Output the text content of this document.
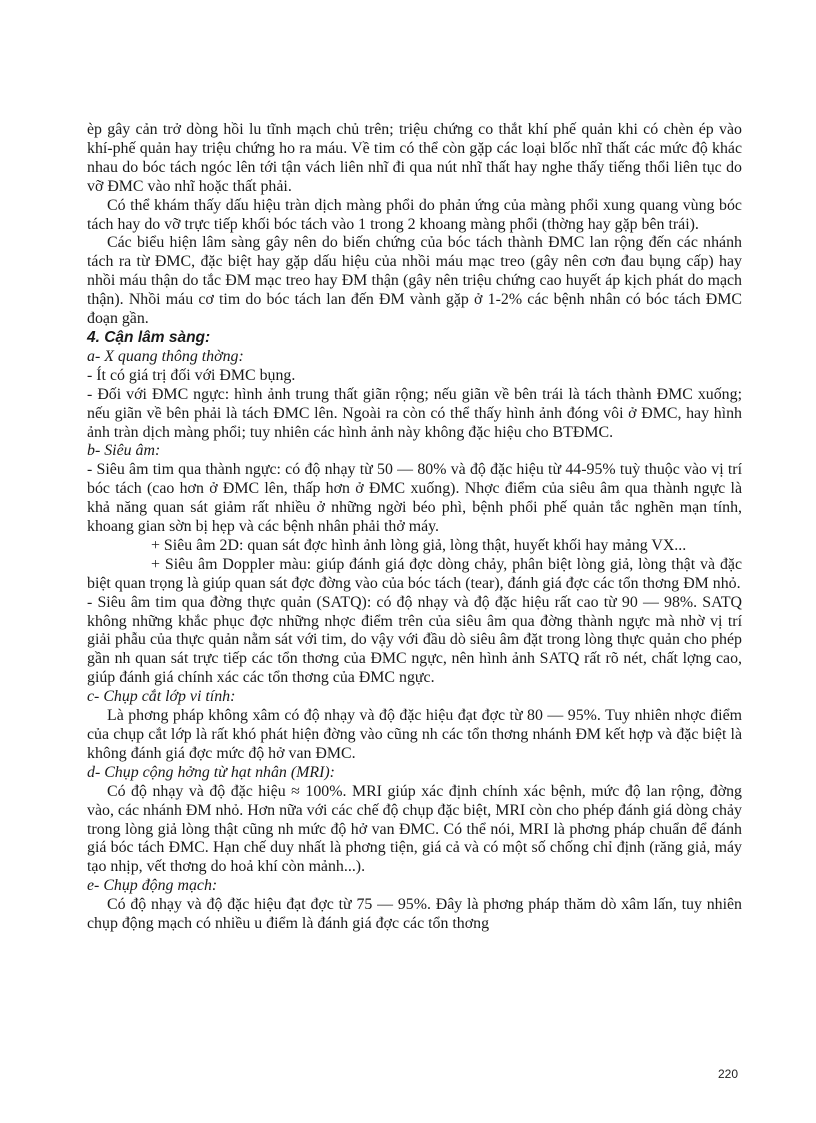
èp gây cản trở dòng hồi lu tĩnh mạch chủ trên; triệu chứng co thắt khí phế quản khi có chèn ép vào khí-phế quản hay triệu chứng ho ra máu. Về tim có thể còn gặp các loại blốc nhĩ thất các mức độ khác nhau do bóc tách ngóc lên tới tận vách liên nhĩ đi qua nút nhĩ thất hay nghe thấy tiếng thổi liên tục do vỡ ĐMC vào nhĩ hoặc thất phải.

Có thể khám thấy dấu hiệu tràn dịch màng phổi do phản ứng của màng phổi xung quang vùng bóc tách hay do vỡ trực tiếp khối bóc tách vào 1 trong 2 khoang màng phổi (thờng hay gặp bên trái).

Các biểu hiện lâm sàng gây nên do biến chứng của bóc tách thành ĐMC lan rộng đến các nhánh tách ra từ ĐMC, đặc biệt hay gặp dấu hiệu của nhồi máu mạc treo (gây nên cơn đau bụng cấp) hay nhồi máu thận do tắc ĐM mạc treo hay ĐM thận (gây nên triệu chứng cao huyết áp kịch phát do mạch thận). Nhồi máu cơ tim do bóc tách lan đến ĐM vành gặp ở 1-2% các bệnh nhân có bóc tách ĐMC đoạn gần.

4. Cận lâm sàng:

a- X quang thông thờng:

- Ít có giá trị đối với ĐMC bụng.

- Đối với ĐMC ngực: hình ảnh trung thất giãn rộng; nếu giãn về bên trái là tách thành ĐMC xuống; nếu giãn về bên phải là tách ĐMC lên. Ngoài ra còn có thể thấy hình ảnh đóng vôi ở ĐMC, hay hình ảnh tràn dịch màng phổi; tuy nhiên các hình ảnh này không đặc hiệu cho BTĐMC.

b- Siêu âm:

- Siêu âm tim qua thành ngực: có độ nhạy từ 50 — 80% và độ đặc hiệu từ 44-95% tuỳ thuộc vào vị trí bóc tách (cao hơn ở ĐMC lên, thấp hơn ở ĐMC xuống). Nhợc điểm của siêu âm qua thành ngực là khả năng quan sát giảm rất nhiều ở những ngời béo phì, bệnh phổi phế quản tắc nghẽn mạn tính, khoang gian sờn bị hẹp và các bệnh nhân phải thở máy.

+ Siêu âm 2D: quan sát đợc hình ảnh lòng giả, lòng thật, huyết khối hay mảng VX...

+ Siêu âm Doppler màu: giúp đánh giá đợc dòng chảy, phân biệt lòng giả, lòng thật và đặc biệt quan trọng là giúp quan sát đợc đờng vào của bóc tách (tear), đánh giá đợc các tổn thơng ĐM nhỏ.

- Siêu âm tim qua đờng thực quản (SATQ): có độ nhạy và độ đặc hiệu rất cao từ 90 — 98%. SATQ không những khắc phục đợc những nhợc điểm trên của siêu âm qua đờng thành ngực mà nhờ vị trí giải phẫu của thực quản nằm sát với tim, do vậy với đầu dò siêu âm đặt trong lòng thực quản cho phép gần nh quan sát trực tiếp các tổn thơng của ĐMC ngực, nên hình ảnh SATQ rất rõ nét, chất lợng cao, giúp đánh giá chính xác các tổn thơng của ĐMC ngực.

c- Chụp cắt lớp vi tính:

Là phơng pháp không xâm có độ nhạy và độ đặc hiệu đạt đợc từ 80 — 95%. Tuy nhiên nhợc điểm của chụp cắt lớp là rất khó phát hiện đờng vào cũng nh các tổn thơng nhánh ĐM kết hợp và đặc biệt là không đánh giá đợc mức độ hở van ĐMC.

d- Chụp cộng hởng từ hạt nhân (MRI):

Có độ nhạy và độ đặc hiệu ≈ 100%. MRI giúp xác định chính xác bệnh, mức độ lan rộng, đờng vào, các nhánh ĐM nhỏ. Hơn nữa với các chế độ chụp đặc biệt, MRI còn cho phép đánh giá dòng chảy trong lòng giả lòng thật cũng nh mức độ hở van ĐMC. Có thể nói, MRI là phơng pháp chuẩn để đánh giá bóc tách ĐMC. Hạn chế duy nhất là phơng tiện, giá cả và có một số chống chỉ định (răng giả, máy tạo nhịp, vết thơng do hoả khí còn mảnh...).

e- Chụp động mạch:

Có độ nhạy và độ đặc hiệu đạt đợc từ 75 — 95%. Đây là phơng pháp thăm dò xâm lấn, tuy nhiên chụp động mạch có nhiều u điểm là đánh giá đợc các tổn thơng

220
